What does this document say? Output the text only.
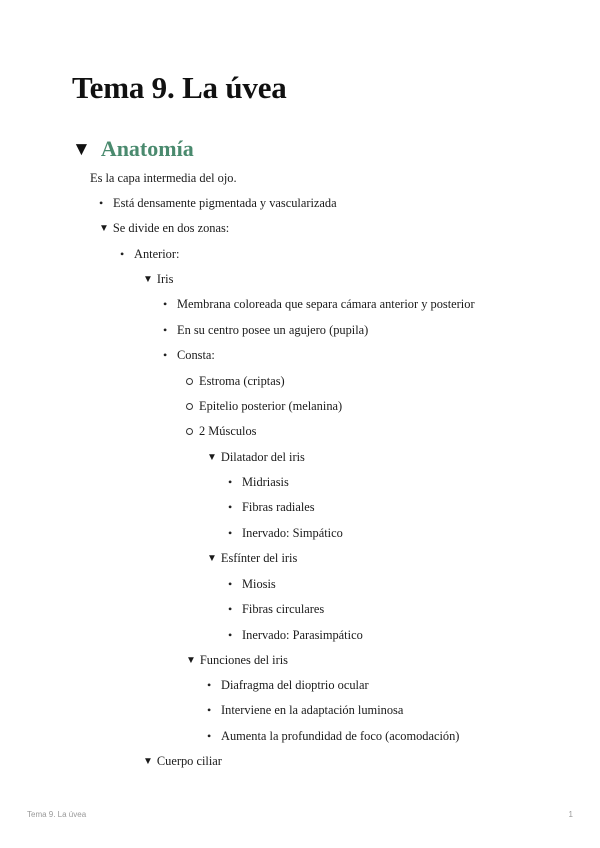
Tema 9. La úvea
▼ Anatomía
Es la capa intermedia del ojo.
• Está densamente pigmentada y vascularizada
▼ Se divide en dos zonas:
• Anterior:
▼ Iris
• Membrana coloreada que separa cámara anterior y posterior
• En su centro posee un agujero (pupila)
• Consta:
Estroma (criptas)
Epitelio posterior (melanina)
2 Músculos
▼ Dilatador del iris
• Midriasis
• Fibras radiales
• Inervado: Simpático
▼ Esfínter del iris
• Miosis
• Fibras circulares
• Inervado: Parasimpático
▼ Funciones del iris
• Diafragma del dioptrio ocular
• Interviene en la adaptación luminosa
• Aumenta la profundidad de foco (acomodación)
▼ Cuerpo ciliar
Tema 9. La úvea	1
